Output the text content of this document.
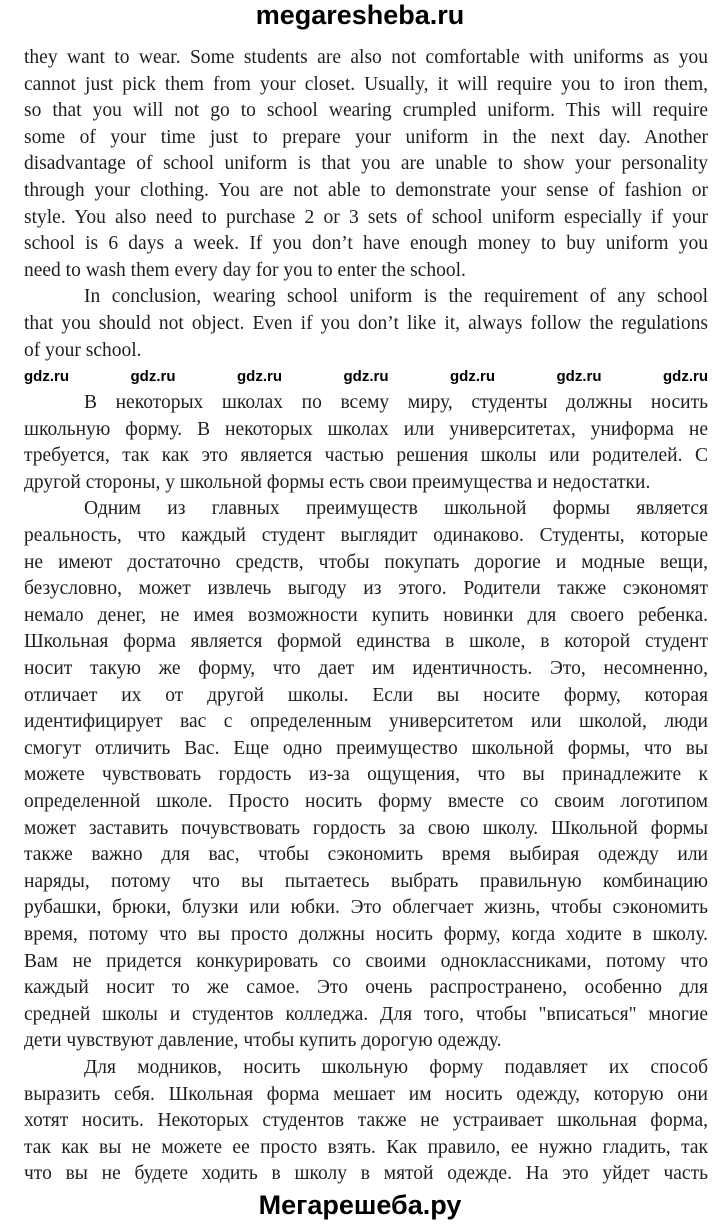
megaresheba.ru
they want to wear. Some students are also not comfortable with uniforms as you
cannot just pick them from your closet. Usually, it will require you to iron them,
so that you will not go to school wearing crumpled uniform. This will require
some of your time just to prepare your uniform in the next day. Another
disadvantage of school uniform is that you are unable to show your personality
through your clothing. You are not able to demonstrate your sense of fashion or
style. You also need to purchase 2 or 3 sets of school uniform especially if your
school is 6 days a week. If you don’t have enough money to buy uniform you
need to wash them every day for you to enter the school.
In conclusion, wearing school uniform is the requirement of any school
that you should not object. Even if you don’t like it, always follow the regulations
of your school.
В некоторых школах по всему миру, студенты должны носить
школьную форму. В некоторых школах или университетах, униформа не
требуется, так как это является частью решения школы или родителей. С
другой стороны, у школьной формы есть свои преимущества и недостатки.
Одним из главных преимуществ школьной формы является
реальность, что каждый студент выглядит одинаково. Студенты, которые
не имеют достаточно средств, чтобы покупать дорогие и модные вещи,
безусловно, может извлечь выгоду из этого. Родители также сэкономят
немало денег, не имея возможности купить новинки для своего ребенка.
Школьная форма является формой единства в школе, в которой студент
носит такую же форму, что дает им идентичность. Это, несомненно,
отличает их от другой школы. Если вы носите форму, которая
идентифицирует вас с определенным университетом или школой, люди
смогут отличить Вас. Еще одно преимущество школьной формы, что вы
можете чувствовать гордость из-за ощущения, что вы принадлежите к
определенной школе. Просто носить форму вместе со своим логотипом
может заставить почувствовать гордость за свою школу. Школьной формы
также важно для вас, чтобы сэкономить время выбирая одежду или
наряды, потому что вы пытаетесь выбрать правильную комбинацию
рубашки, брюки, блузки или юбки. Это облегчает жизнь, чтобы сэкономить
время, потому что вы просто должны носить форму, когда ходите в школу.
Вам не придется конкурировать со своими одноклассниками, потому что
каждый носит то же самое. Это очень распространено, особенно для
средней школы и студентов колледжа. Для того, чтобы "вписаться" многие
дети чувствуют давление, чтобы купить дорогую одежду.
Для модников, носить школьную форму подавляет их способ
выразить себя. Школьная форма мешает им носить одежду, которую они
хотят носить. Некоторых студентов также не устраивает школьная форма,
так как вы не можете ее просто взять. Как правило, ее нужно гладить, так
что вы не будете ходить в школу в мятой одежде. На это уйдет часть
gdz.ru	gdz.ru	gdz.ru	gdz.ru	gdz.ru	gdz.ru	gdz.ru
Мегарешеба.ру
